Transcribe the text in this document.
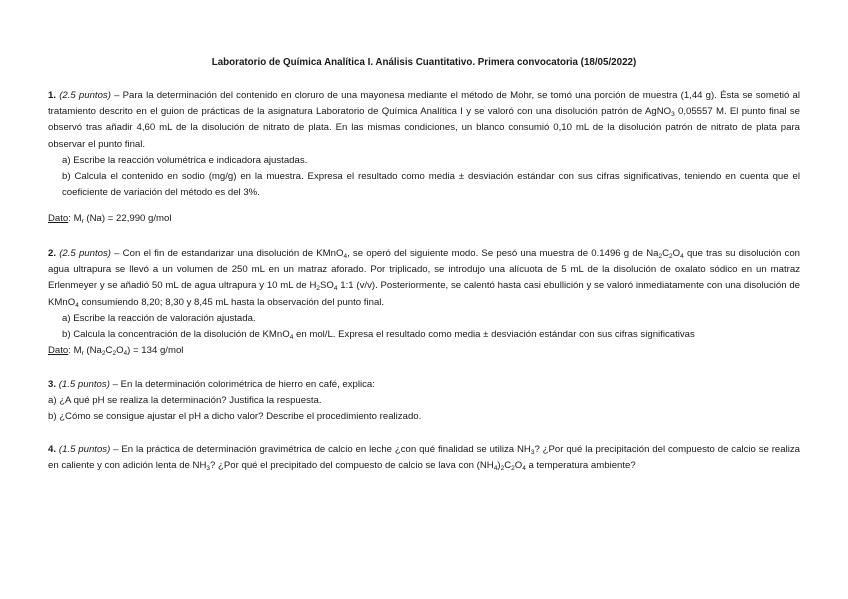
Laboratorio de Química Analítica I. Análisis Cuantitativo. Primera convocatoria (18/05/2022)

1. (2.5 puntos) – Para la determinación del contenido en cloruro de una mayonesa mediante el método de Mohr, se tomó una porción de muestra (1,44 g). Ésta se sometió al tratamiento descrito en el guion de prácticas de la asignatura Laboratorio de Química Analítica I y se valoró con una disolución patrón de AgNO$_3$ 0,05557 M. El punto final se observó tras añadir 4,60 mL de la disolución de nitrato de plata. En las mismas condiciones, un blanco consumió 0,10 mL de la disolución patrón de nitrato de plata para observar el punto final.

a) Escribe la reacción volumétrica e indicadora ajustadas.

b) Calcula el contenido en sodio (mg/g) en la muestra. Expresa el resultado como media ± desviación estándar con sus cifras significativas, teniendo en cuenta que el coeficiente de variación del método es del 3%.

Dato: $M_r$ (Na) = 22,990 g/mol

2. (2.5 puntos) – Con el fin de estandarizar una disolución de KMnO$_4$, se operó del siguiente modo. Se pesó una muestra de 0.1496 g de $Na_2C_2O_4$ que tras su disolución con agua ultrapura se llevó a un volumen de 250 mL en un matraz aforado. Por triplicado, se introdujo una alícuota de 5 mL de la disolución de oxalato sódico en un matraz Erlenmeyer y se añadió 50 mL de agua ultrapura y 10 mL de $H_2SO_4$ 1:1 (v/v). Posteriormente, se calentó hasta casi ebullición y se valoró inmediatamente con una disolución de KMnO$_4$ consumiendo 8,20; 8,30 y 8,45 mL hasta la observación del punto final.

a) Escribe la reacción de valoración ajustada.

b) Calcula la concentración de la disolución de KMnO$_4$ en mol/L. Expresa el resultado como media ± desviación estándar con sus cifras significativas

Dato: $M_r$ $(Na_2C_2O_4) = 134$ g/mol

3. (1.5 puntos) – En la determinación colorimétrica de hierro en café, explica:

a) ¿A qué pH se realiza la determinación? Justifica la respuesta.

b) ¿Cómo se consigue ajustar el pH a dicho valor? Describe el procedimiento realizado.

4. (1.5 puntos) – En la práctica de determinación gravimétrica de calcio en leche ¿con qué finalidad se utiliza $NH_3$? ¿Por qué la precipitación del compuesto de calcio se realiza en caliente y con adición lenta de $NH_3$? ¿Por qué el precipitado del compuesto de calcio se lava con $(NH_4)_2C_2O_4$ a temperatura ambiente?
